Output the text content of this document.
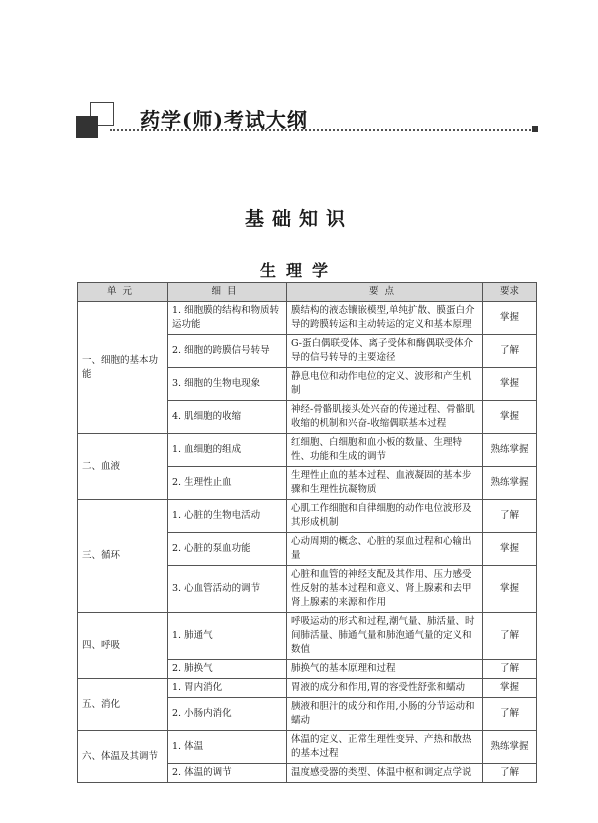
药学(师)考试大纲
基础知识
生理学
单元	细目	要点	要求
一、细胞的基本功能	1. 细胞膜的结构和物质转运功能	膜结构的液态镶嵌模型,单纯扩散、膜蛋白介导的跨膜转运和主动转运的定义和基本原理	掌握
	2. 细胞的跨膜信号转导	G-蛋白偶联受体、离子受体和酶偶联受体介导的信号转导的主要途径	了解
	3. 细胞的生物电现象	静息电位和动作电位的定义、波形和产生机制	掌握
	4. 肌细胞的收缩	神经-骨骼肌接头处兴奋的传递过程、骨骼肌收缩的机制和兴奋-收缩偶联基本过程	掌握
二、血液	1. 血细胞的组成	红细胞、白细胞和血小板的数量、生理特性、功能和生成的调节	熟练掌握
	2. 生理性止血	生理性止血的基本过程、血液凝固的基本步骤和生理性抗凝物质	熟练掌握
三、循环	1. 心脏的生物电活动	心肌工作细胞和自律细胞的动作电位波形及其形成机制	了解
	2. 心脏的泵血功能	心动周期的概念、心脏的泵血过程和心输出量	掌握
	3. 心血管活动的调节	心脏和血管的神经支配及其作用、压力感受性反射的基本过程和意义、肾上腺素和去甲肾上腺素的来源和作用	掌握
四、呼吸	1. 肺通气	呼吸运动的形式和过程,潮气量、肺活量、时间肺活量、肺通气量和肺泡通气量的定义和数值	了解
	2. 肺换气	肺换气的基本原理和过程	了解
五、消化	1. 胃内消化	胃液的成分和作用,胃的容受性舒张和蠕动	掌握
	2. 小肠内消化	胰液和胆汁的成分和作用,小肠的分节运动和蠕动	了解
六、体温及其调节	1. 体温	体温的定义、正常生理性变异、产热和散热的基本过程	熟练掌握
	2. 体温的调节	温度感受器的类型、体温中枢和调定点学说	了解
